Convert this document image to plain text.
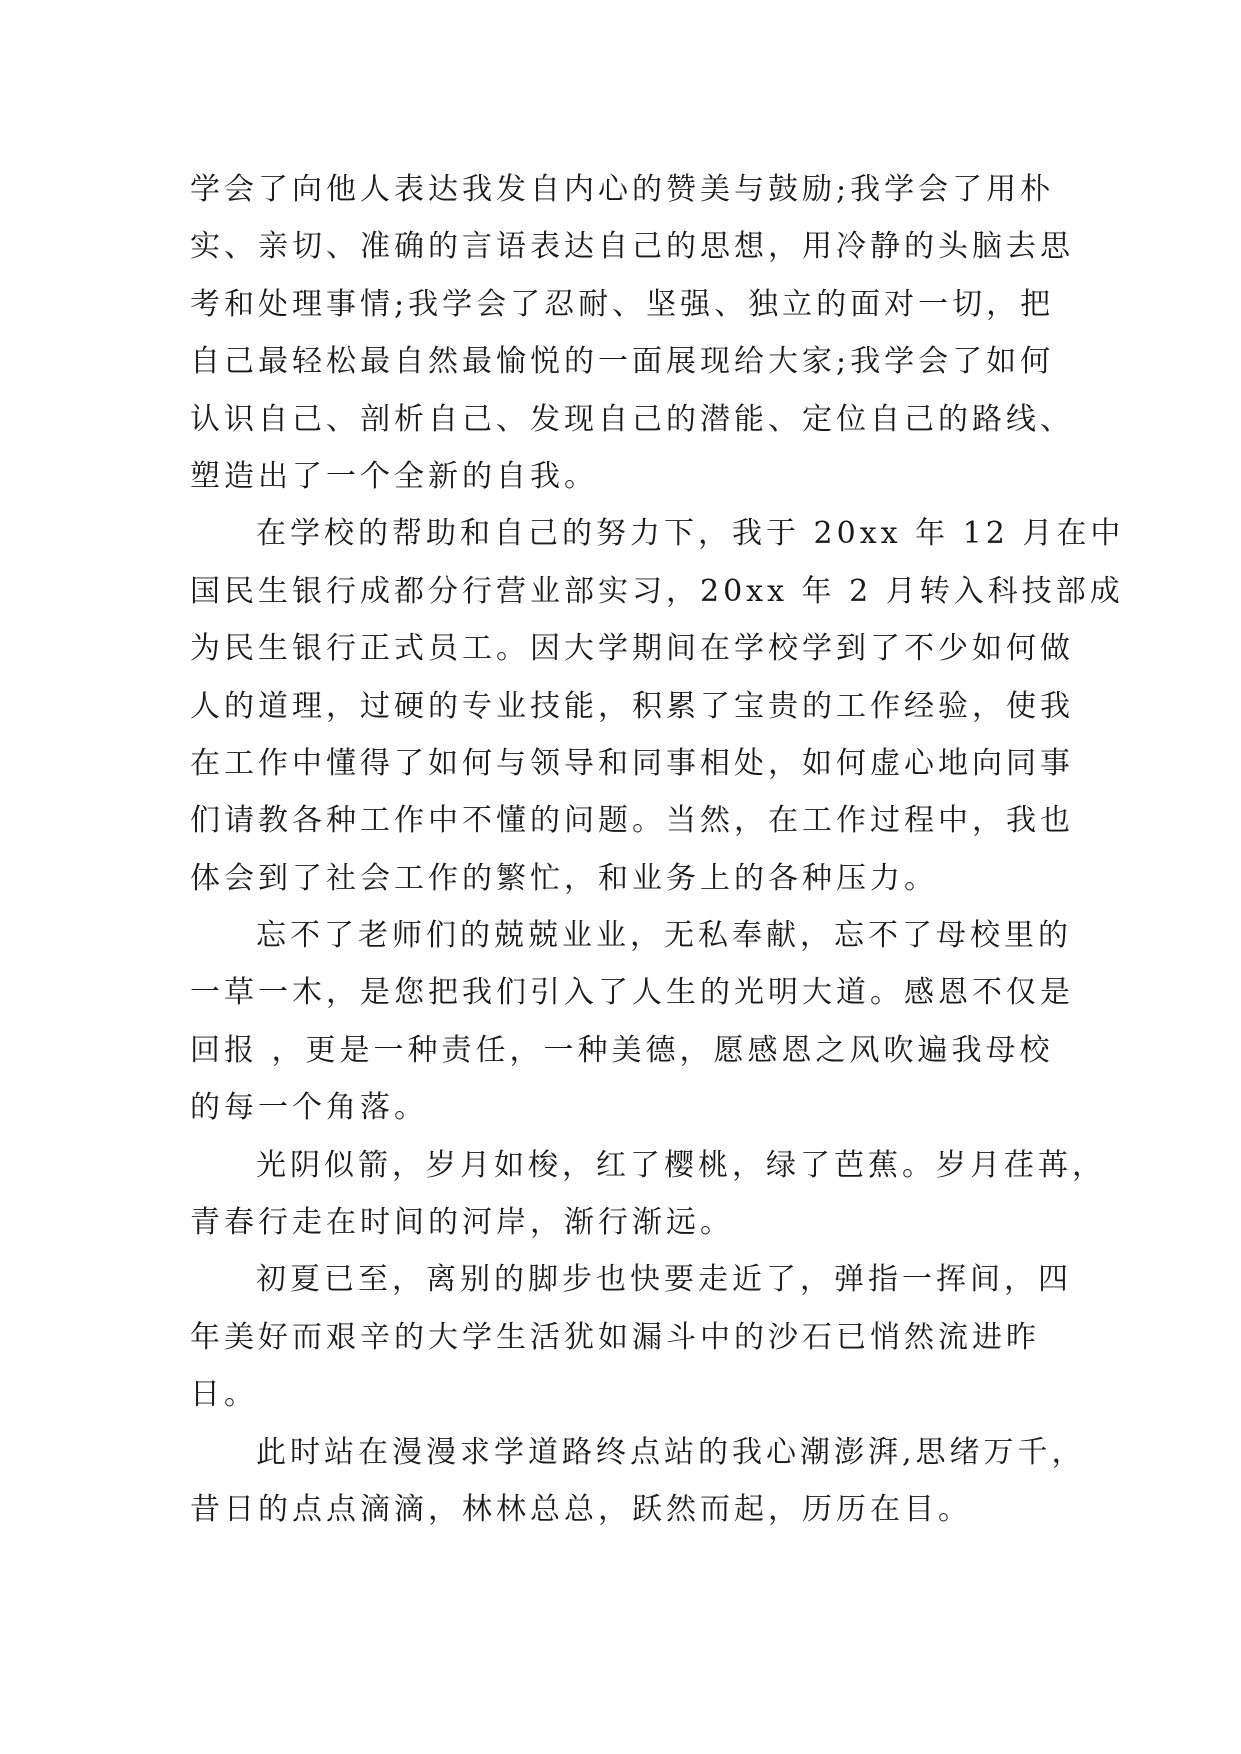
学会了向他人表达我发自内心的赞美与鼓励;我学会了用朴
实、亲切、准确的言语表达自己的思想，用冷静的头脑去思
考和处理事情;我学会了忍耐、坚强、独立的面对一切，把
自己最轻松最自然最愉悦的一面展现给大家;我学会了如何
认识自己、剖析自己、发现自己的潜能、定位自己的路线、
塑造出了一个全新的自我。
在学校的帮助和自己的努力下，我于 20xx 年 12 月在中
国民生银行成都分行营业部实习，20xx 年 2 月转入科技部成
为民生银行正式员工。因大学期间在学校学到了不少如何做
人的道理，过硬的专业技能，积累了宝贵的工作经验，使我
在工作中懂得了如何与领导和同事相处，如何虚心地向同事
们请教各种工作中不懂的问题。当然，在工作过程中，我也
体会到了社会工作的繁忙，和业务上的各种压力。
忘不了老师们的兢兢业业，无私奉献，忘不了母校里的
一草一木，是您把我们引入了人生的光明大道。感恩不仅是
回报 ，更是一种责任，一种美德，愿感恩之风吹遍我母校
的每一个角落。
光阴似箭，岁月如梭，红了樱桃，绿了芭蕉。岁月荏苒，
青春行走在时间的河岸，渐行渐远。
初夏已至，离别的脚步也快要走近了，弹指一挥间，四
年美好而艰辛的大学生活犹如漏斗中的沙石已悄然流进昨
日。
此时站在漫漫求学道路终点站的我心潮澎湃,思绪万千，
昔日的点点滴滴，林林总总，跃然而起，历历在目。
